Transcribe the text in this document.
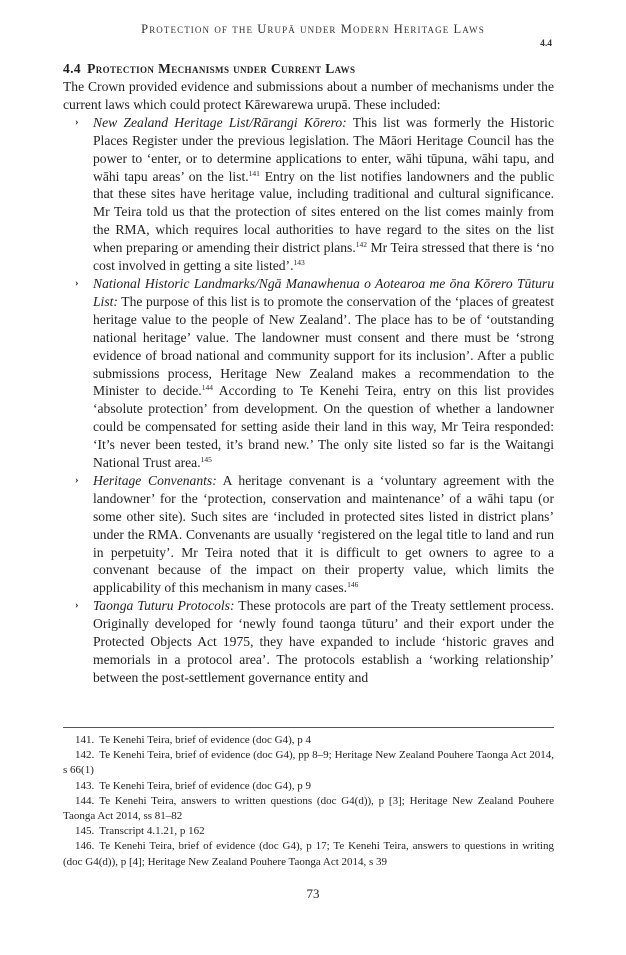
Protection of the Urupā under Modern Heritage Laws
4.4
4.4 Protection Mechanisms under Current Laws

The Crown provided evidence and submissions about a number of mechanisms under the current laws which could protect Kārewarewa urupā. These included:

› New Zealand Heritage List/Rārangi Kōrero: This list was formerly the Historic Places Register under the previous legislation. The Māori Heritage Council has the power to ‘enter, or to determine applications to enter, wāhi tūpuna, wāhi tapu, and wāhi tapu areas’ on the list.$^{141}$ Entry on the list notifies landowners and the public that these sites have heritage value, including traditional and cultural significance. Mr Teira told us that the protection of sites entered on the list comes mainly from the RMA, which requires local authorities to have regard to the sites on the list when preparing or amending their district plans.$^{142}$ Mr Teira stressed that there is ‘no cost involved in getting a site listed’.$^{143}$
› National Historic Landmarks/Ngā Manawhenua o Aotearoa me ōna Kōrero Tūturu List: The purpose of this list is to promote the conservation of the ‘places of greatest heritage value to the people of New Zealand’. The place has to be of ‘outstanding national heritage’ value. The landowner must consent and there must be ‘strong evidence of broad national and community support for its inclusion’. After a public submissions process, Heritage New Zealand makes a recommendation to the Minister to decide.$^{144}$ According to Te Kenehi Teira, entry on this list provides ‘absolute protection’ from development. On the question of whether a landowner could be compensated for setting aside their land in this way, Mr Teira responded: ‘It’s never been tested, it’s brand new.’ The only site listed so far is the Waitangi National Trust area.$^{145}$
› Heritage Convenants: A heritage convenant is a ‘voluntary agreement with the landowner’ for the ‘protection, conservation and maintenance’ of a wāhi tapu (or some other site). Such sites are ‘included in protected sites listed in district plans’ under the RMA. Convenants are usually ‘registered on the legal title to land and run in perpetuity’. Mr Teira noted that it is difficult to get owners to agree to a convenant because of the impact on their property value, which limits the applicability of this mechanism in many cases.$^{146}$
› Taonga Tuturu Protocols: These protocols are part of the Treaty settlement process. Originally developed for ‘newly found taonga tūturu’ and their export under the Protected Objects Act 1975, they have expanded to include ‘historic graves and memorials in a protocol area’. The protocols establish a ‘working relationship’ between the post-settlement governance entity and
141. Te Kenehi Teira, brief of evidence (doc G4), p 4
142. Te Kenehi Teira, brief of evidence (doc G4), pp 8–9; Heritage New Zealand Pouhere Taonga Act 2014, s 66(1)
143. Te Kenehi Teira, brief of evidence (doc G4), p 9
144. Te Kenehi Teira, answers to written questions (doc G4(d)), p [3]; Heritage New Zealand Pouhere Taonga Act 2014, ss 81–82
145. Transcript 4.1.21, p 162
146. Te Kenehi Teira, brief of evidence (doc G4), p 17; Te Kenehi Teira, answers to questions in writing (doc G4(d)), p [4]; Heritage New Zealand Pouhere Taonga Act 2014, s 39
73
